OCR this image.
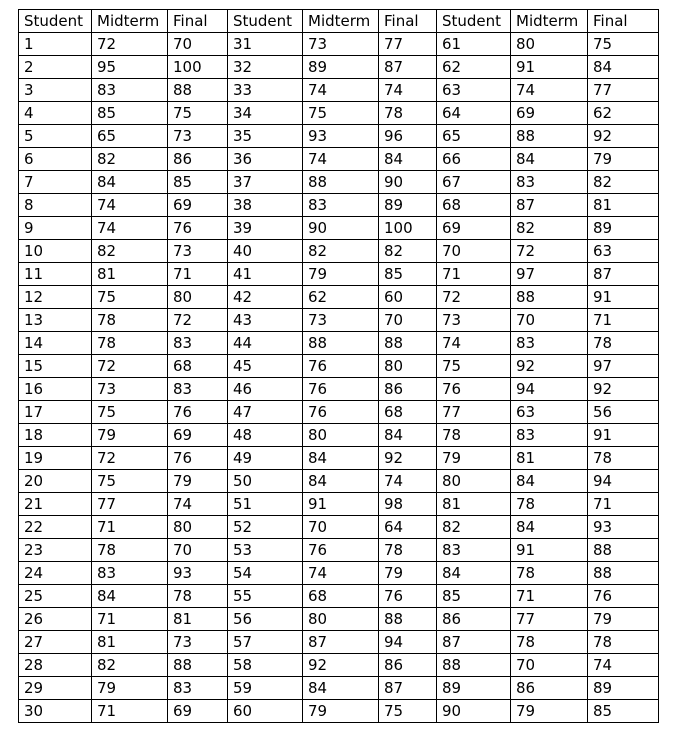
Student	Midterm	Final	Student	Midterm	Final	Student	Midterm	Final
1	72	70	31	73	77	61	80	75
2	95	100	32	89	87	62	91	84
3	83	88	33	74	74	63	74	77
4	85	75	34	75	78	64	69	62
5	65	73	35	93	96	65	88	92
6	82	86	36	74	84	66	84	79
7	84	85	37	88	90	67	83	82
8	74	69	38	83	89	68	87	81
9	74	76	39	90	100	69	82	89
10	82	73	40	82	82	70	72	63
11	81	71	41	79	85	71	97	87
12	75	80	42	62	60	72	88	91
13	78	72	43	73	70	73	70	71
14	78	83	44	88	88	74	83	78
15	72	68	45	76	80	75	92	97
16	73	83	46	76	86	76	94	92
17	75	76	47	76	68	77	63	56
18	79	69	48	80	84	78	83	91
19	72	76	49	84	92	79	81	78
20	75	79	50	84	74	80	84	94
21	77	74	51	91	98	81	78	71
22	71	80	52	70	64	82	84	93
23	78	70	53	76	78	83	91	88
24	83	93	54	74	79	84	78	88
25	84	78	55	68	76	85	71	76
26	71	81	56	80	88	86	77	79
27	81	73	57	87	94	87	78	78
28	82	88	58	92	86	88	70	74
29	79	83	59	84	87	89	86	89
30	71	69	60	79	75	90	79	85
